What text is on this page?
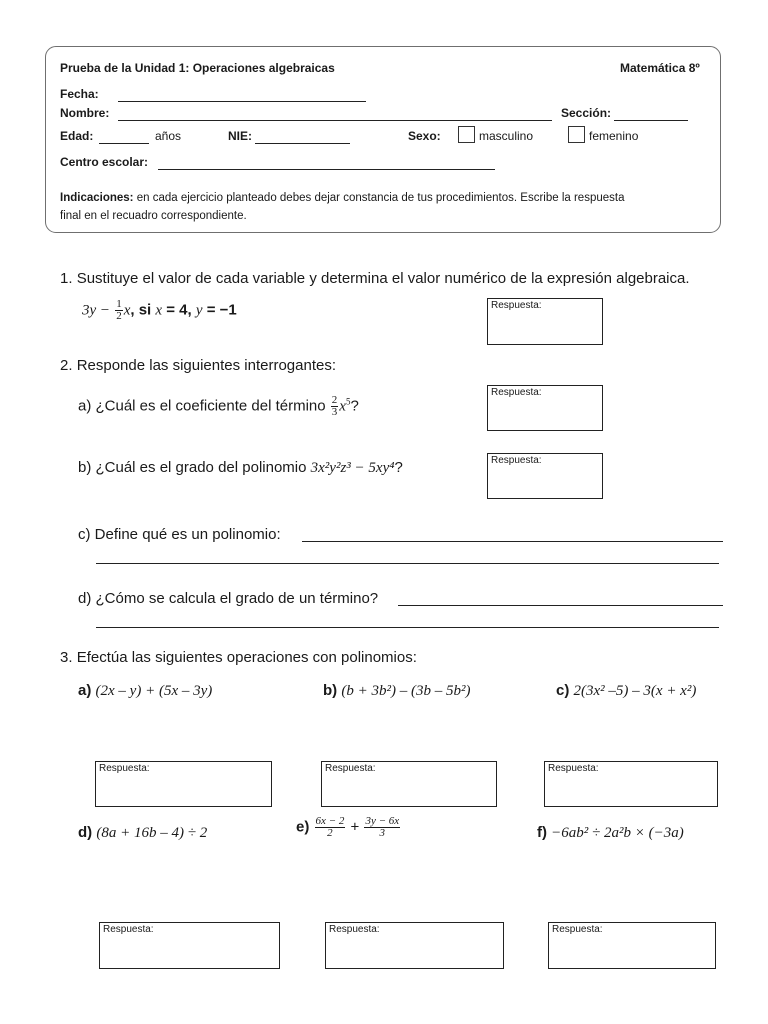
Prueba de la Unidad 1: Operaciones algebraicas	Matemática 8º
Fecha:
Nombre:	Sección:
Edad:	años	NIE:	Sexo:	masculino	femenino
Centro escolar:
Indicaciones: en cada ejercicio planteado debes dejar constancia de tus procedimientos. Escribe la respuesta
final en el recuadro correspondiente.
1. Sustituye el valor de cada variable y determina el valor numérico de la expresión algebraica.
$3y - \frac{1}{2} x$, si x = 4, y = −1	Respuesta:
2. Responde las siguientes interrogantes:
a) ¿Cuál es el coeficiente del término $\frac{2}{3} x^5$?
Respuesta:
b) ¿Cuál es el grado del polinomio 3x²y²z³ − 5xy⁴?	Respuesta:
c) Define qué es un polinomio:
d) ¿Cómo se calcula el grado de un término?
3. Efectúa las siguientes operaciones con polinomios:
a) (2x – y) + (5x – 3y)	b) (b + 3b²) – (3b – 5b²)	c) 2(3x² –5) – 3(x + x²)
Respuesta:	Respuesta:	Respuesta:
d) (8a + 16b – 4) ÷ 2	$e) \frac{6x - 2}{2} + \frac{3y - 6x}{3}$	f) −6ab² ÷ 2a²b × (−3a)
Respuesta:	Respuesta:	Respuesta:
